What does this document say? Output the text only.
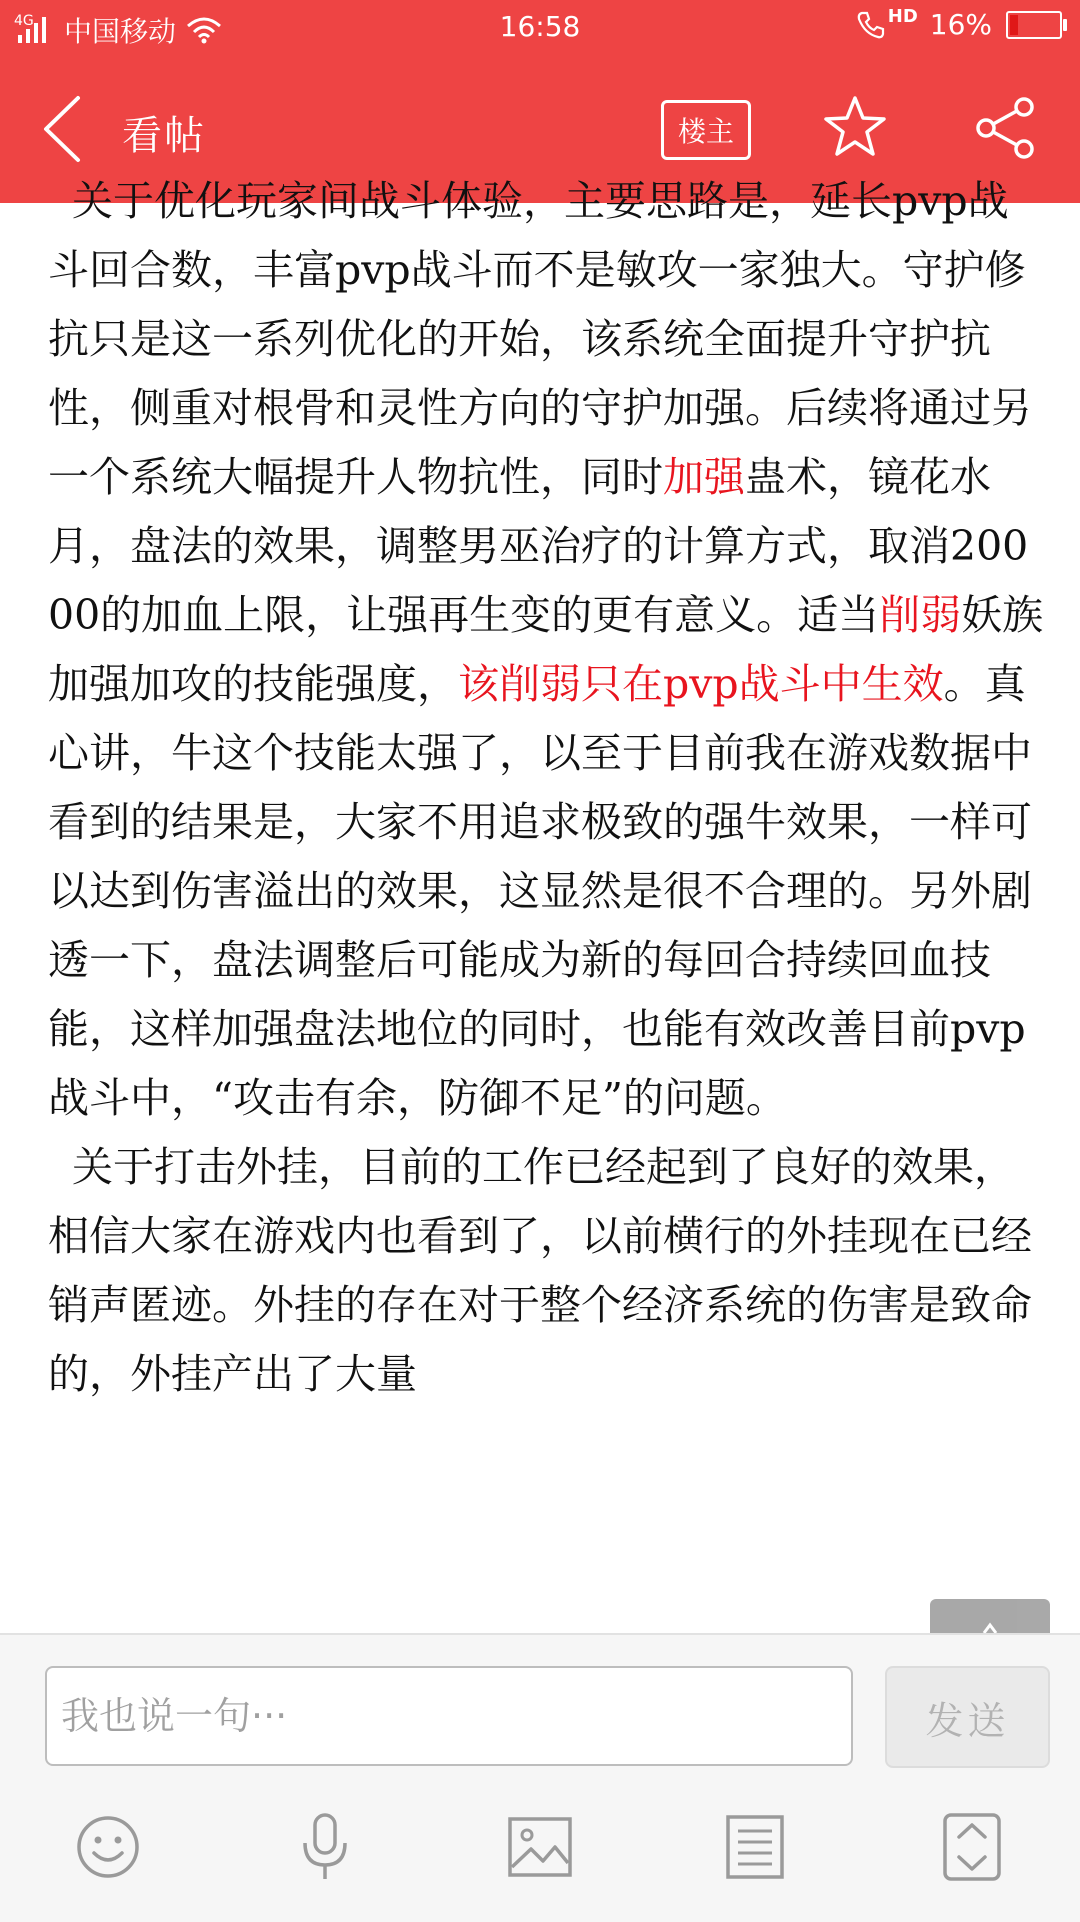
4G 中国移动	16:58	HD 16%
看帖	楼主

关于优化玩家间战斗体验，主要思路是，延长pvp战斗回合数，丰富pvp战斗而不是敏攻一家独大。守护修抗只是这一系列优化的开始，该系统全面提升守护抗性，侧重对根骨和灵性方向的守护加强。后续将通过另一个系统大幅提升人物抗性，同时加强蛊术，镜花水月，盘法的效果，调整男巫治疗的计算方式，取消20000的加血上限，让强再生变的更有意义。适当削弱妖族加强加攻的技能强度，该削弱只在pvp战斗中生效。真心讲，牛这个技能太强了，以至于目前我在游戏数据中看到的结果是，大家不用追求极致的强牛效果，一样可以达到伤害溢出的效果，这显然是很不合理的。另外剧透一下，盘法调整后可能成为新的每回合持续回血技能，这样加强盘法地位的同时，也能有效改善目前pvp战斗中，“攻击有余，防御不足”的问题。

关于打击外挂，目前的工作已经起到了良好的效果，相信大家在游戏内也看到了，以前横行的外挂现在已经销声匿迹。外挂的存在对于整个经济系统的伤害是致命的，外挂产出了大量

我也说一句···
发送
